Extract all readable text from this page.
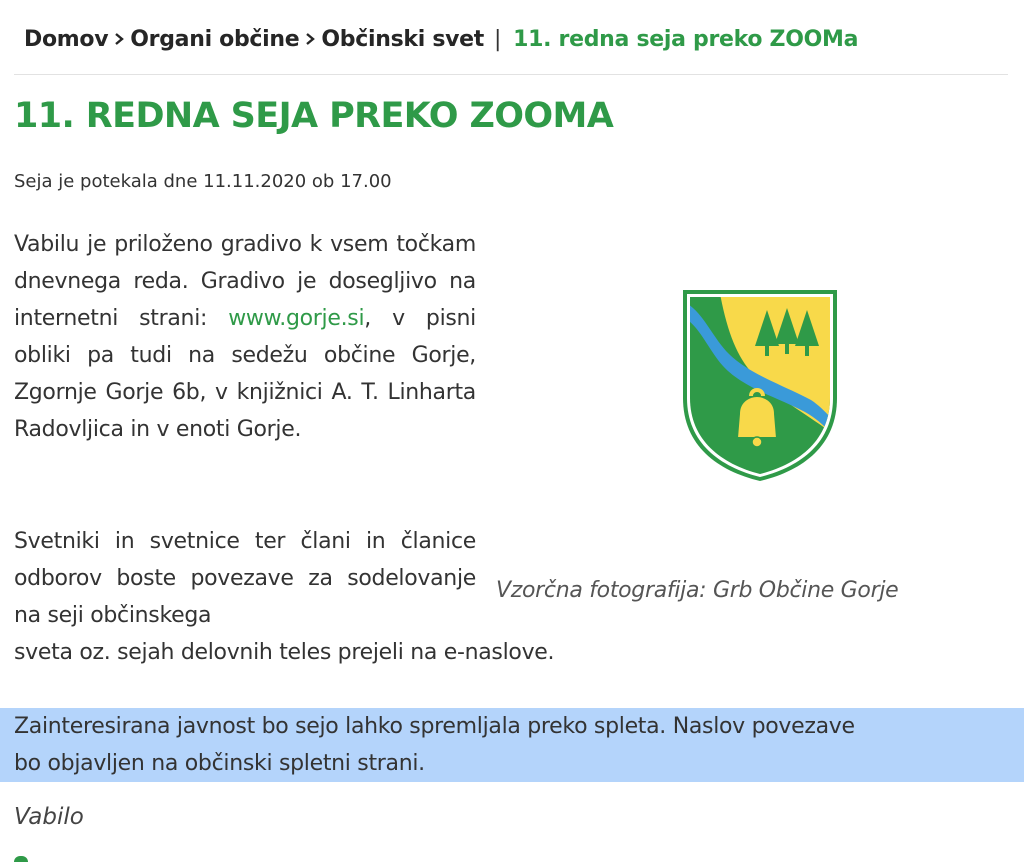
Domov Organi občine Občinski svet | 11. redna seja preko ZOOMa
11. REDNA SEJA PREKO ZOOMA
Seja je potekala dne 11.11.2020 ob 17.00

Vabilu je priloženo gradivo k vsem točkam dnevnega reda. Gradivo je dosegljivo na internetni strani: www.gorje.si, v pisni obliki pa tudi na sedežu občine Gorje, Zgornje Gorje 6b, v knjižnici A. T. Linharta Radovljica in v enoti Gorje.

Svetniki in svetnice ter člani in članice odborov boste povezave za sodelovanje na seji občinskega

sveta oz. sejah delovnih teles prejeli na e-naslove.
Vzorčna fotografija: Grb Občine Gorje

Zainteresirana javnost bo sejo lahko spremljala preko spleta. Naslov povezave

bo objavljen na občinski spletni strani.
Vabilo
